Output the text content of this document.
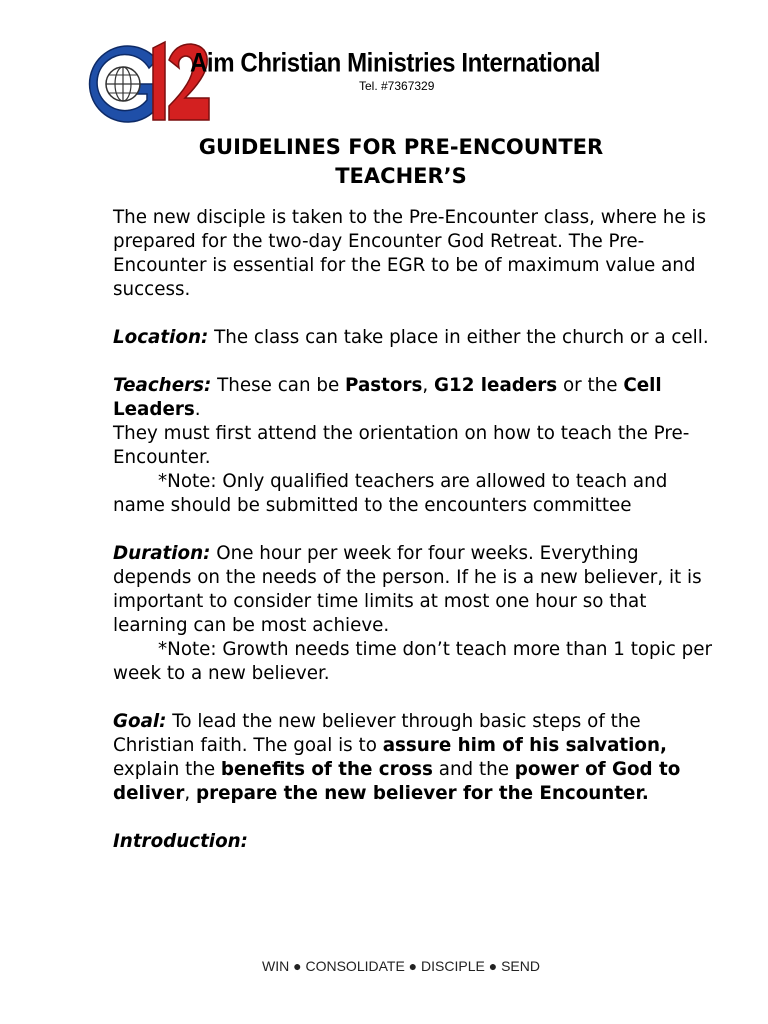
Aim Christian Ministries International
Tel. #7367329
GUIDELINES FOR PRE-ENCOUNTER
TEACHER’S

The new disciple is taken to the Pre-Encounter class, where he is prepared for the two-day Encounter God Retreat. The Pre-Encounter is essential for the EGR to be of maximum value and success.

Location: The class can take place in either the church or a cell.

Teachers: These can be Pastors, G12 leaders or the Cell Leaders.

They must first attend the orientation on how to teach the Pre-Encounter.

*Note: Only qualified teachers are allowed to teach and name should be submitted to the encounters committee

Duration: One hour per week for four weeks. Everything depends on the needs of the person. If he is a new believer, it is important to consider time limits at most one hour so that learning can be most achieve.

*Note: Growth needs time don’t teach more than 1 topic per week to a new believer.

Goal: To lead the new believer through basic steps of the Christian faith. The goal is to assure him of his salvation, explain the benefits of the cross and the power of God to deliver, prepare the new believer for the Encounter.

Introduction:

WIN ● CONSOLIDATE ● DISCIPLE ● SEND
